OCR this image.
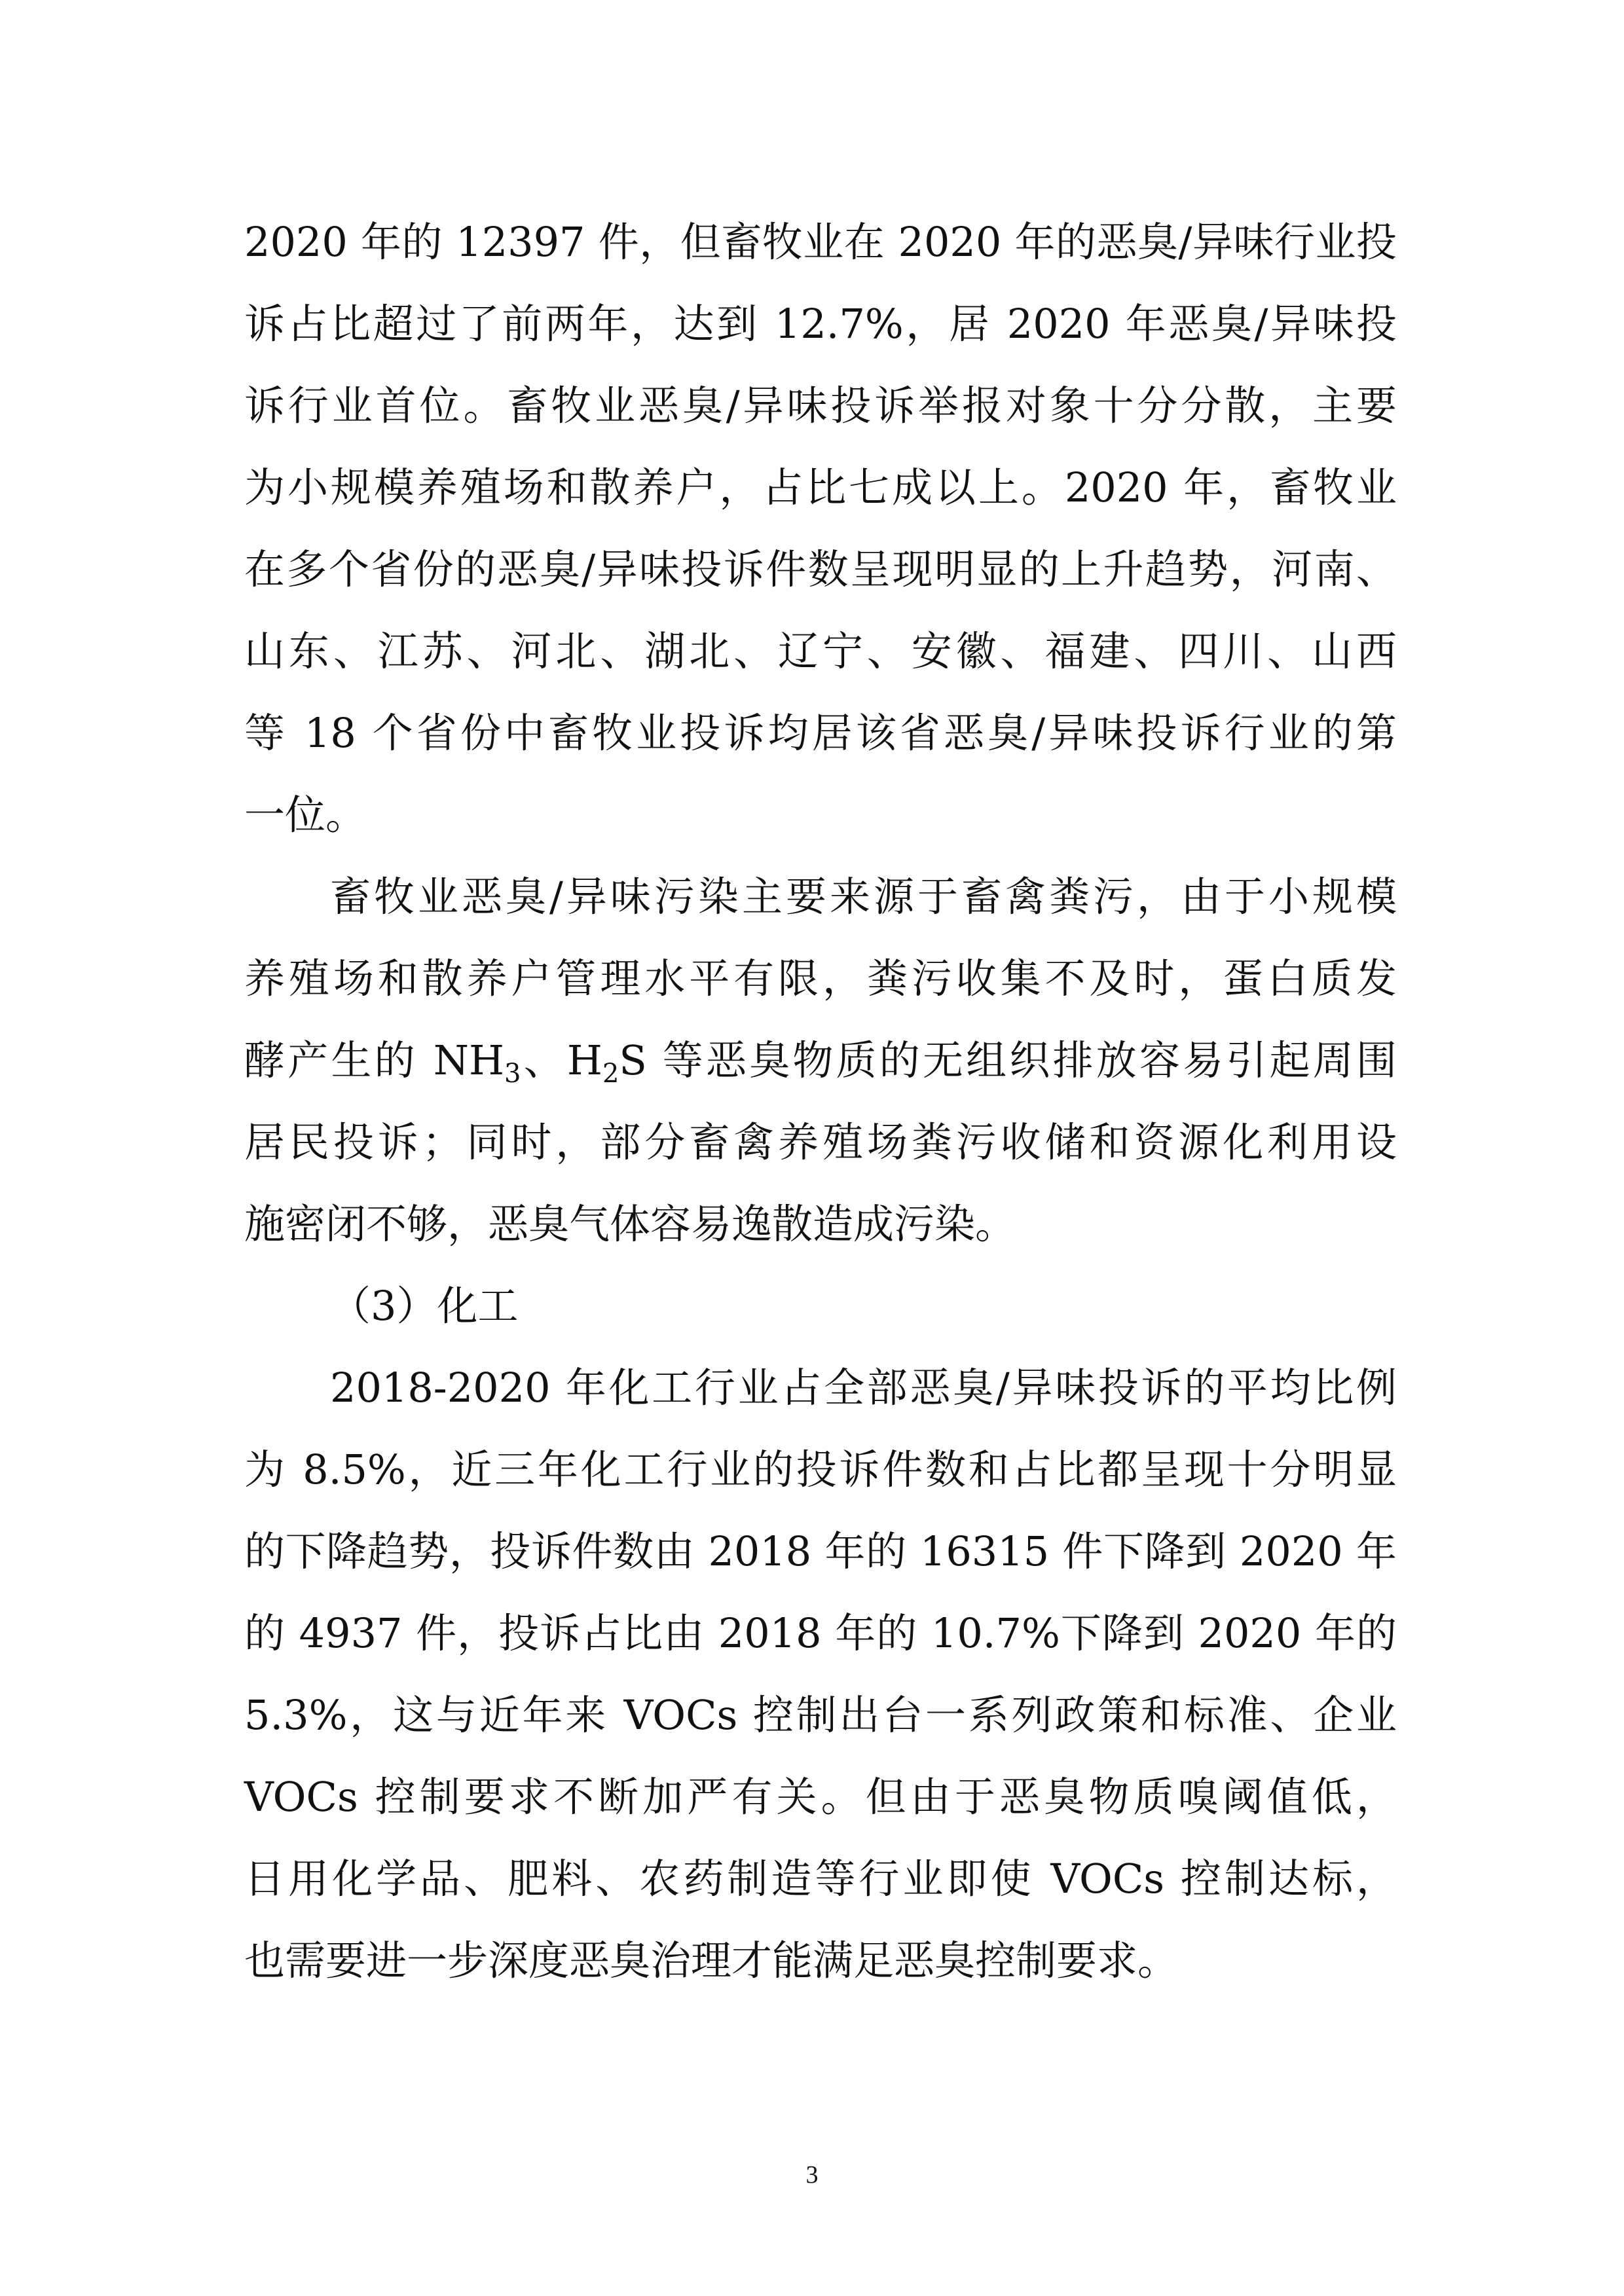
2020 年的 12397 件，但畜牧业在 2020 年的恶臭/异味行业投
诉占比超过了前两年，达到 12.7%，居 2020 年恶臭/异味投
诉行业首位。畜牧业恶臭/异味投诉举报对象十分分散，主要
为小规模养殖场和散养户，占比七成以上。2020 年，畜牧业
在多个省份的恶臭/异味投诉件数呈现明显的上升趋势，河南、
山东、江苏、河北、湖北、辽宁、安徽、福建、四川、山西
等 18 个省份中畜牧业投诉均居该省恶臭/异味投诉行业的第
一位。
畜牧业恶臭/异味污染主要来源于畜禽粪污，由于小规模
养殖场和散养户管理水平有限，粪污收集不及时，蛋白质发
酵产生的 $NH_3$、$H_2S$ 等恶臭物质的无组织排放容易引起周围
居民投诉；同时，部分畜禽养殖场粪污收储和资源化利用设
施密闭不够，恶臭气体容易逸散造成污染。
（3）化工
2018-2020 年化工行业占全部恶臭/异味投诉的平均比例
为 8.5%，近三年化工行业的投诉件数和占比都呈现十分明显
的下降趋势，投诉件数由 2018 年的 16315 件下降到 2020 年
的 4937 件，投诉占比由 2018 年的 10.7%下降到 2020 年的
5.3%，这与近年来 VOCs 控制出台一系列政策和标准、企业
VOCs 控制要求不断加严有关。但由于恶臭物质嗅阈值低，
日用化学品、肥料、农药制造等行业即使 VOCs 控制达标，
也需要进一步深度恶臭治理才能满足恶臭控制要求。
3
